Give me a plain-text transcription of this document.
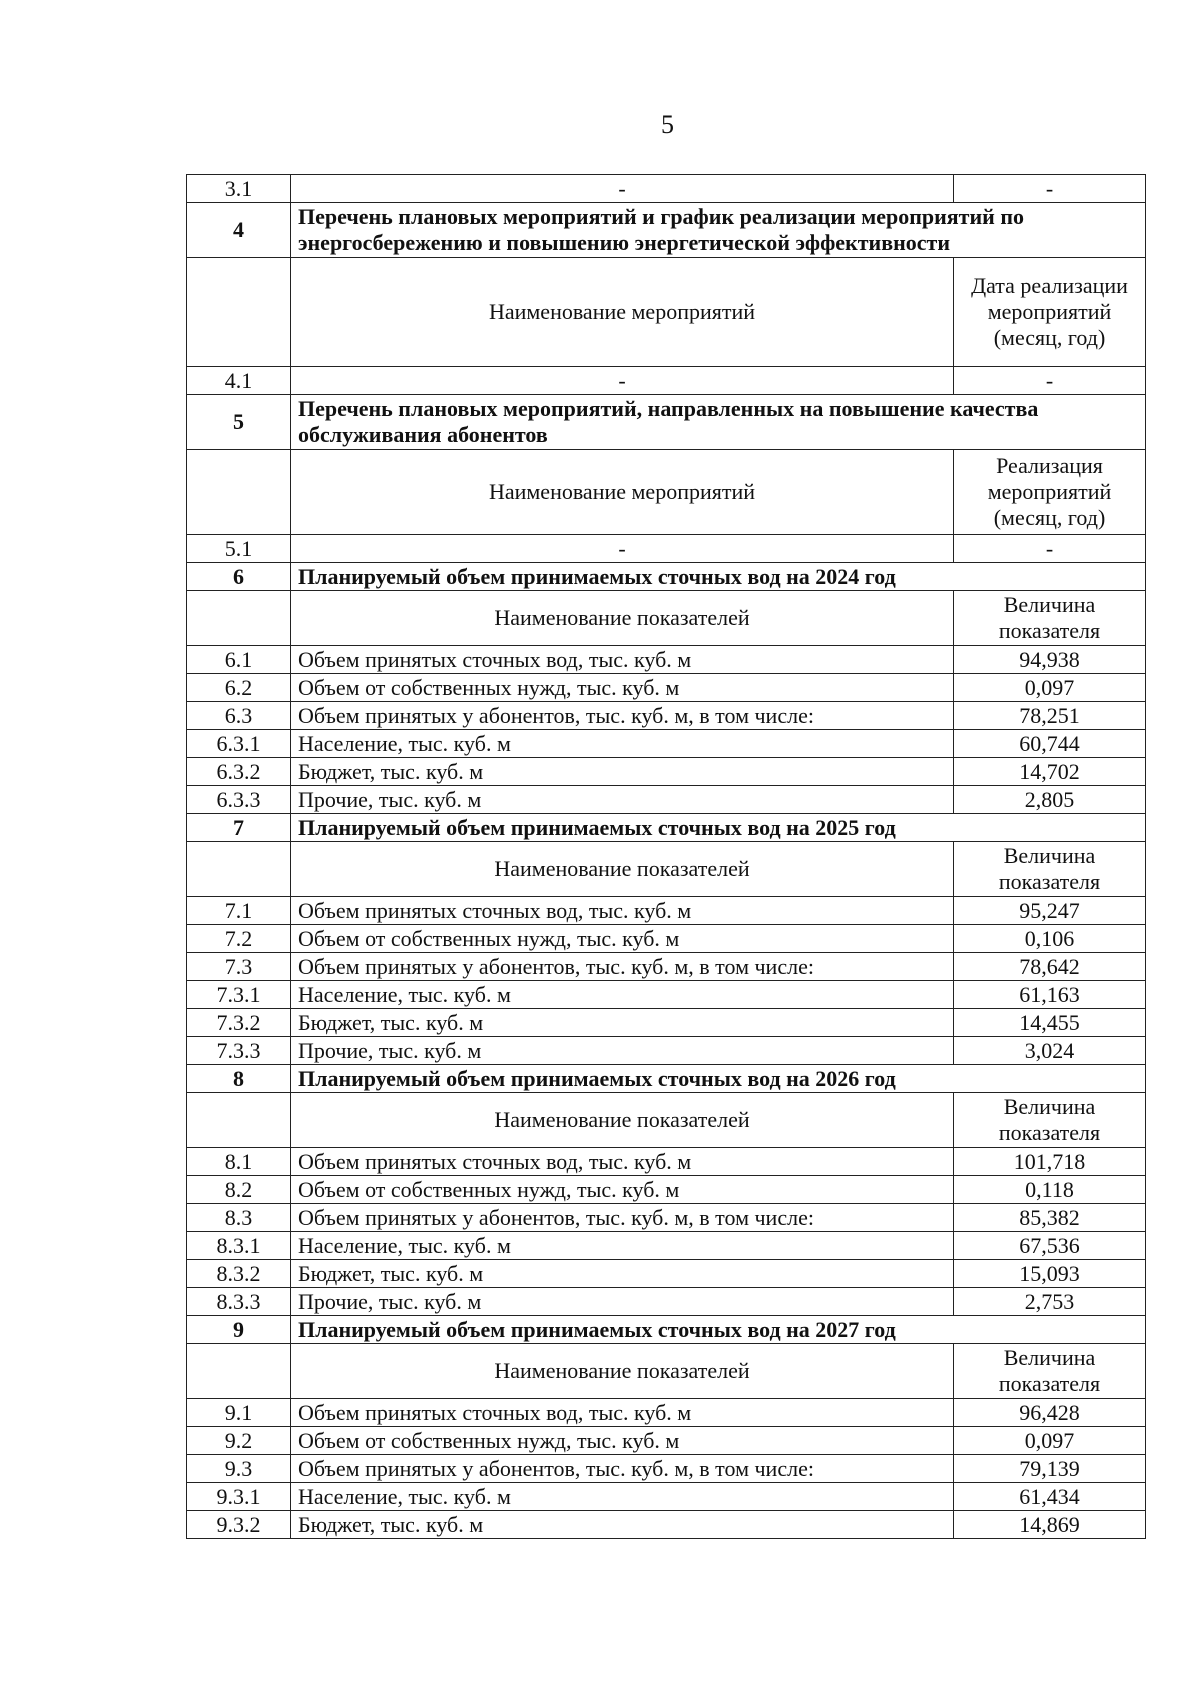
5
3.1	-	-
4	Перечень плановых мероприятий и график реализации мероприятий по энергосбережению и повышению энергетической эффективности	
	Наименование мероприятий	Дата реализации мероприятий (месяц, год)
4.1	-	-
5	Перечень плановых мероприятий, направленных на повышение качества обслуживания абонентов	
	Наименование мероприятий	Реализация мероприятий (месяц, год)
5.1	-	-
6	Планируемый объем принимаемых сточных вод на 2024 год	
	Наименование показателей	Величина показателя
6.1	Объем принятых сточных вод, тыс. куб. м	94,938
6.2	Объем от собственных нужд, тыс. куб. м	0,097
6.3	Объем принятых у абонентов, тыс. куб. м, в том числе:	78,251
6.3.1	Население, тыс. куб. м	60,744
6.3.2	Бюджет, тыс. куб. м	14,702
6.3.3	Прочие, тыс. куб. м	2,805
7	Планируемый объем принимаемых сточных вод на 2025 год	
	Наименование показателей	Величина показателя
7.1	Объем принятых сточных вод, тыс. куб. м	95,247
7.2	Объем от собственных нужд, тыс. куб. м	0,106
7.3	Объем принятых у абонентов, тыс. куб. м, в том числе:	78,642
7.3.1	Население, тыс. куб. м	61,163
7.3.2	Бюджет, тыс. куб. м	14,455
7.3.3	Прочие, тыс. куб. м	3,024
8	Планируемый объем принимаемых сточных вод на 2026 год	
	Наименование показателей	Величина показателя
8.1	Объем принятых сточных вод, тыс. куб. м	101,718
8.2	Объем от собственных нужд, тыс. куб. м	0,118
8.3	Объем принятых у абонентов, тыс. куб. м, в том числе:	85,382
8.3.1	Население, тыс. куб. м	67,536
8.3.2	Бюджет, тыс. куб. м	15,093
8.3.3	Прочие, тыс. куб. м	2,753
9	Планируемый объем принимаемых сточных вод на 2027 год	
	Наименование показателей	Величина показателя
9.1	Объем принятых сточных вод, тыс. куб. м	96,428
9.2	Объем от собственных нужд, тыс. куб. м	0,097
9.3	Объем принятых у абонентов, тыс. куб. м, в том числе:	79,139
9.3.1	Население, тыс. куб. м	61,434
9.3.2	Бюджет, тыс. куб. м	14,869
